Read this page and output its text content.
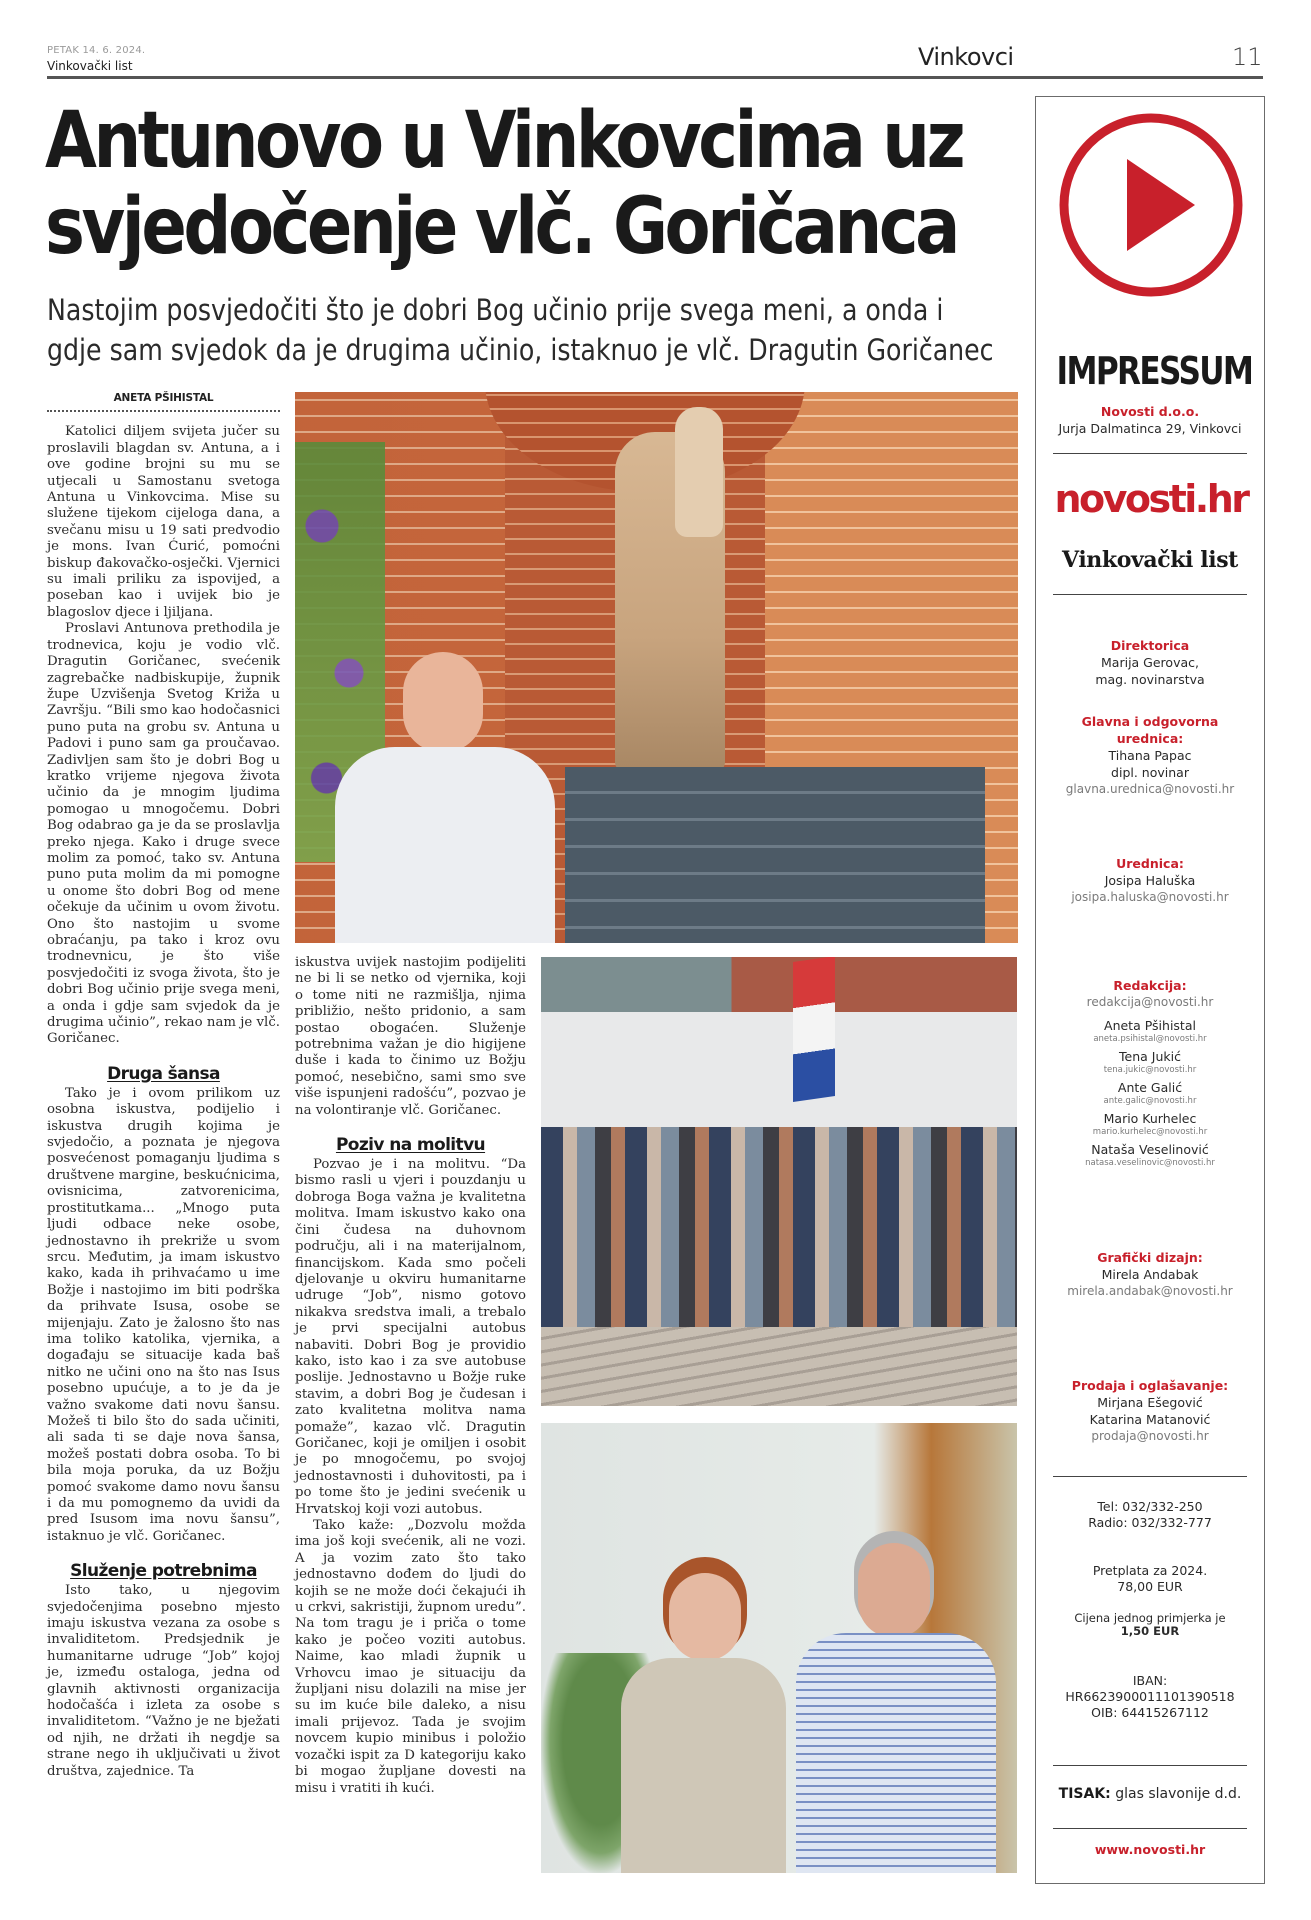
PETAK 14. 6. 2024.
Vinkovački list	Vinkovci	11
Antunovo u Vinkovcima uz
svjedočenje vlč. Goričanca
Nastojim posvjedočiti što je dobri Bog učinio prije svega meni, a onda i
gdje sam svjedok da je drugima učinio, istaknuo je vlč. Dragutin Goričanec
ANETA PŠIHISTAL

Katolici diljem svijeta jučer su proslavili blagdan sv. Antuna, a i ove godine brojni su mu se utjecali u Samostanu svetoga Antuna u Vinkovcima. Mise su služene tijekom cijeloga dana, a svečanu misu u 19 sati predvodio je mons. Ivan Ćurić, pomoćni biskup đakovačko-osječki. Vjernici su imali priliku za ispovijed, a poseban kao i uvijek bio je blagoslov djece i ljiljana.

Proslavi Antunova prethodila je trodnevica, koju je vodio vlč. Dragutin Goričanec, svećenik zagrebačke nadbiskupije, župnik župe Uzvišenja Svetog Križa u Završju. “Bili smo kao hodočasnici puno puta na grobu sv. Antuna u Padovi i puno sam ga proučavao. Zadivljen sam što je dobri Bog u kratko vrijeme njegova života učinio da je mnogim ljudima pomogao u mnogočemu. Dobri Bog odabrao ga je da se proslavlja preko njega. Kako i druge svece molim za pomoć, tako sv. Antuna puno puta molim da mi pomogne u onome što dobri Bog od mene očekuje da učinim u ovom životu. Ono što nastojim u svome obraćanju, pa tako i kroz ovu trodnevnicu, je što više posvjedočiti iz svoga života, što je dobri Bog učinio prije svega meni, a onda i gdje sam svjedok da je drugima učinio”, rekao nam je vlč. Goričanec.

Druga šansa

Tako je i ovom prilikom uz osobna iskustva, podijelio i iskustva drugih kojima je svjedočio, a poznata je njegova posvećenost pomaganju ljudima s društvene margine, beskućnicima, ovisnicima, zatvorenicima, prostitutkama... „Mnogo puta ljudi odbace neke osobe, jednostavno ih prekriže u svom srcu. Međutim, ja imam iskustvo kako, kada ih prihvaćamo u ime Božje i nastojimo im biti podrška da prihvate Isusa, osobe se mijenjaju. Zato je žalosno što nas ima toliko katolika, vjernika, a događaju se situacije kada baš nitko ne učini ono na što nas Isus posebno upućuje, a to je da je važno svakome dati novu šansu. Možeš ti bilo što do sada učiniti, ali sada ti se daje nova šansa, možeš postati dobra osoba. To bi bila moja poruka, da uz Božju pomoć svakome damo novu šansu i da mu pomognemo da uvidi da pred Isusom ima novu šansu”, istaknuo je vlč. Goričanec.

Služenje potrebnima

Isto tako, u njegovim svjedočenjima posebno mjesto imaju iskustva vezana za osobe s invaliditetom. Predsjednik je humanitarne udruge “Job” kojoj je, između ostaloga, jedna od glavnih aktivnosti organizacija hodočašća i izleta za osobe s invaliditetom. “Važno je ne bježati od njih, ne držati ih negdje sa strane nego ih uključivati u život društva, zajednice. Ta

iskustva uvijek nastojim podijeliti ne bi li se netko od vjernika, koji o tome niti ne razmišlja, njima približio, nešto pridonio, a sam postao obogaćen. Služenje potrebnima važan je dio higijene duše i kada to činimo uz Božju pomoć, nesebično, sami smo sve više ispunjeni radošću”, pozvao je na volontiranje vlč. Goričanec.

Poziv na molitvu

Pozvao je i na molitvu. “Da bismo rasli u vjeri i pouzdanju u dobroga Boga važna je kvalitetna molitva. Imam iskustvo kako ona čini čudesa na duhovnom području, ali i na materijalnom, financijskom. Kada smo počeli djelovanje u okviru humanitarne udruge “Job”, nismo gotovo nikakva sredstva imali, a trebalo je prvi specijalni autobus nabaviti. Dobri Bog je providio kako, isto kao i za sve autobuse poslije. Jednostavno u Božje ruke stavim, a dobri Bog je čudesan i zato kvalitetna molitva nama pomaže”, kazao vlč. Dragutin Goričanec, koji je omiljen i osobit je po mnogočemu, po svojoj jednostavnosti i duhovitosti, pa i po tome što je jedini svećenik u Hrvatskoj koji vozi autobus.

Tako kaže: „Dozvolu možda ima još koji svećenik, ali ne vozi. A ja vozim zato što tako jednostavno dođem do ljudi do kojih se ne može doći čekajući ih u crkvi, sakristiji, župnom uredu”. Na tom tragu je i priča o tome kako je počeo voziti autobus. Naime, kao mladi župnik u Vrhovcu imao je situaciju da župljani nisu dolazili na mise jer su im kuće bile daleko, a nisu imali prijevoz. Tada je svojim novcem kupio minibus i položio vozački ispit za D kategoriju kako bi mogao župljane dovesti na misu i vratiti ih kući.

IMPRESSUM
Novosti d.o.o.
Jurja Dalmatinca 29, Vinkovci
novosti.hr
Vinkovački list
Direktorica
Marija Gerovac,
mag. novinarstva
Glavna i odgovorna
urednica:
Tihana Papac
dipl. novinar
glavna.urednica@novosti.hr
Urednica:
Josipa Haluška
josipa.haluska@novosti.hr
Redakcija:
redakcija@novosti.hr
Aneta Pšihistal
aneta.psihistal@novosti.hr
Tena Jukić
tena.jukic@novosti.hr
Ante Galić
ante.galic@novosti.hr
Mario Kurhelec
mario.kurhelec@novosti.hr
Nataša Veselinović
natasa.veselinovic@novosti.hr
Grafički dizajn:
Mirela Andabak
mirela.andabak@novosti.hr
Prodaja i oglašavanje:
Mirjana Ešegović
Katarina Matanović
prodaja@novosti.hr
Tel: 032/332-250
Radio: 032/332-777
Pretplata za 2024.
78,00 EUR
Cijena jednog primjerka je
1,50 EUR
IBAN:
HR6623900011101390518
OIB: 64415267112
TISAK: glas slavonije d.d.
www.novosti.hr
